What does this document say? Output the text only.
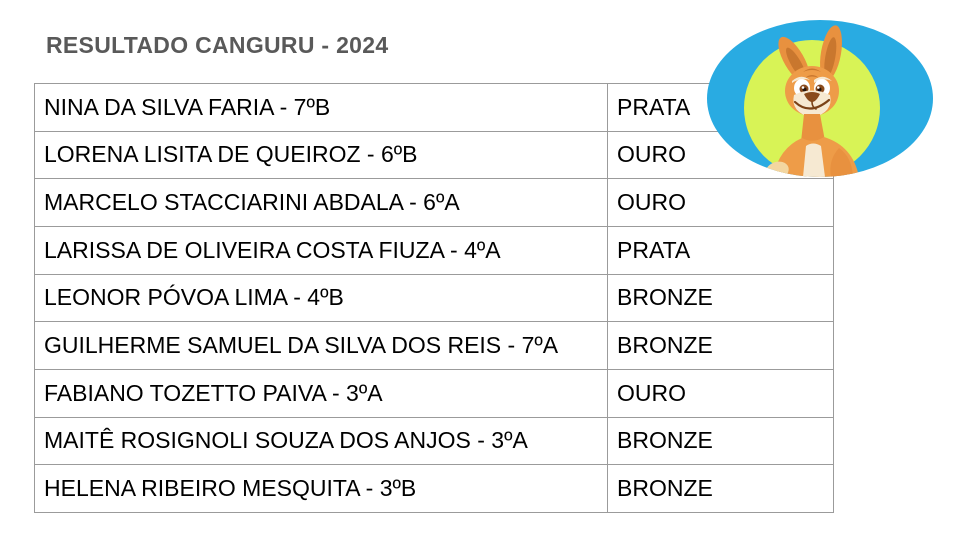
RESULTADO CANGURU - 2024
NINA DA SILVA FARIA - 7ºB	PRATA
LORENA LISITA DE QUEIROZ - 6ºB	OURO
MARCELO STACCIARINI ABDALA - 6ºA	OURO
LARISSA DE OLIVEIRA COSTA FIUZA - 4ºA	PRATA
LEONOR PÓVOA LIMA - 4ºB	BRONZE
GUILHERME SAMUEL DA SILVA DOS REIS - 7ºA	BRONZE
FABIANO TOZETTO PAIVA - 3ºA	OURO
MAITÊ ROSIGNOLI SOUZA DOS ANJOS - 3ºA	BRONZE
HELENA RIBEIRO MESQUITA - 3ºB	BRONZE
